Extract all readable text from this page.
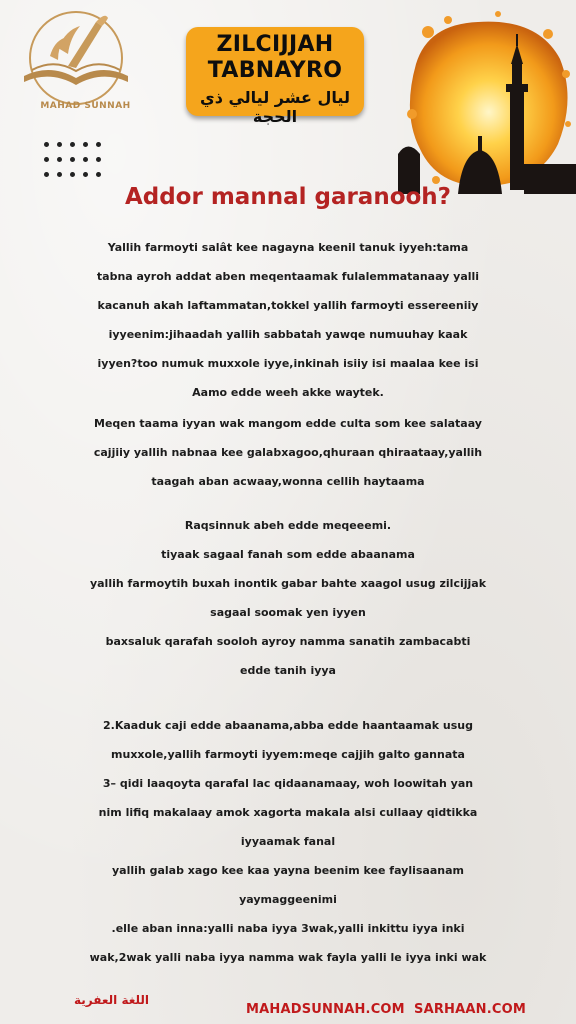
MAHAD SUNNAH
ZILCIJJAH
TABNAYRO
ليال عشر ليالي ذي الحجة
Addor mannal garanooh?
Yallih farmoyti salât kee nagayna keenil tanuk iyyeh:tama
tabna ayroh addat aben meqentaamak fulalemmatanaay yalli
kacanuh akah laftammatan,tokkel yallih farmoyti essereeniiy
iyyeenim:jihaadah yallih sabbatah yawqe numuuhay kaak
iyyen?too numuk muxxole iyye,inkinah isiiy isi maalaa kee isi
Aamo edde weeh akke waytek.
Meqen taama iyyan wak mangom edde culta som kee salataay
cajjiiy yallih nabnaa kee galabxagoo,qhuraan qhiraataay,yallih
taagah aban acwaay,wonna cellih haytaama
Raqsinnuk abeh edde meqeeemi.
tiyaak sagaal fanah som edde abaanama
yallih farmoytih buxah inontik gabar bahte xaagol usug zilcijjak
sagaal soomak yen iyyen
baxsaluk qarafah sooloh ayroy namma sanatih zambacabti
edde tanih iyya
2.Kaaduk caji edde abaanama,abba edde haantaamak usug
muxxole,yallih farmoyti iyyem:meqe cajjih galto gannata
3– qidi laaqoyta qarafal lac qidaanamaay, woh loowitah yan
nim lifiq makalaay amok xagorta makala alsi cullaay qidtikka
iyyaamak fanal
yallih galab xago kee kaa yayna beenim kee faylisaanam
yaymaggeenimi
.elle aban inna:yalli naba iyya 3wak,yalli inkittu iyya inki
wak,2wak yalli naba iyya namma wak fayla yalli le iyya inki wak
اللغة العفرية
MAHADSUNNAH.COM SARHAAN.COM
